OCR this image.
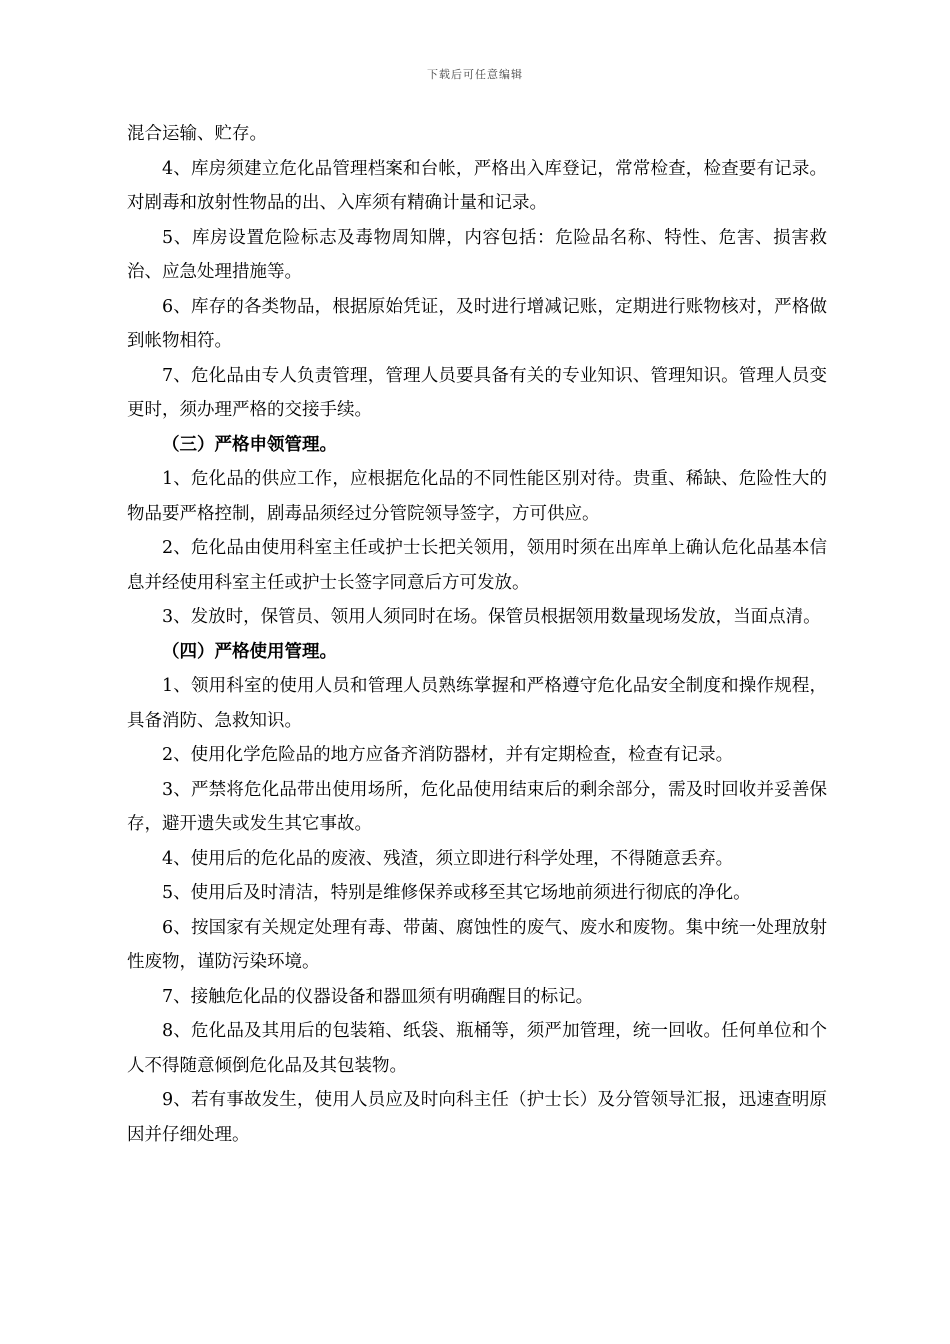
下载后可任意编辑

混合运输、贮存。

4、库房须建立危化品管理档案和台帐，严格出入库登记，常常检查，检查要有记录。对剧毒和放射性物品的出、入库须有精确计量和记录。

5、库房设置危险标志及毒物周知牌，内容包括：危险品名称、特性、危害、损害救治、应急处理措施等。

6、库存的各类物品，根据原始凭证，及时进行增减记账，定期进行账物核对，严格做到帐物相符。

7、危化品由专人负责管理，管理人员要具备有关的专业知识、管理知识。管理人员变更时，须办理严格的交接手续。

（三）严格申领管理。

1、危化品的供应工作，应根据危化品的不同性能区别对待。贵重、稀缺、危险性大的物品要严格控制，剧毒品须经过分管院领导签字，方可供应。

2、危化品由使用科室主任或护士长把关领用，领用时须在出库单上确认危化品基本信息并经使用科室主任或护士长签字同意后方可发放。

3、发放时，保管员、领用人须同时在场。保管员根据领用数量现场发放，当面点清。

（四）严格使用管理。

1、领用科室的使用人员和管理人员熟练掌握和严格遵守危化品安全制度和操作规程，具备消防、急救知识。

2、使用化学危险品的地方应备齐消防器材，并有定期检查，检查有记录。

3、严禁将危化品带出使用场所，危化品使用结束后的剩余部分，需及时回收并妥善保存，避开遗失或发生其它事故。

4、使用后的危化品的废液、残渣，须立即进行科学处理，不得随意丢弃。

5、使用后及时清洁，特别是维修保养或移至其它场地前须进行彻底的净化。

6、按国家有关规定处理有毒、带菌、腐蚀性的废气、废水和废物。集中统一处理放射性废物，谨防污染环境。

7、接触危化品的仪器设备和器皿须有明确醒目的标记。

8、危化品及其用后的包装箱、纸袋、瓶桶等，须严加管理，统一回收。任何单位和个人不得随意倾倒危化品及其包装物。

9、若有事故发生，使用人员应及时向科主任（护士长）及分管领导汇报，迅速查明原因并仔细处理。
